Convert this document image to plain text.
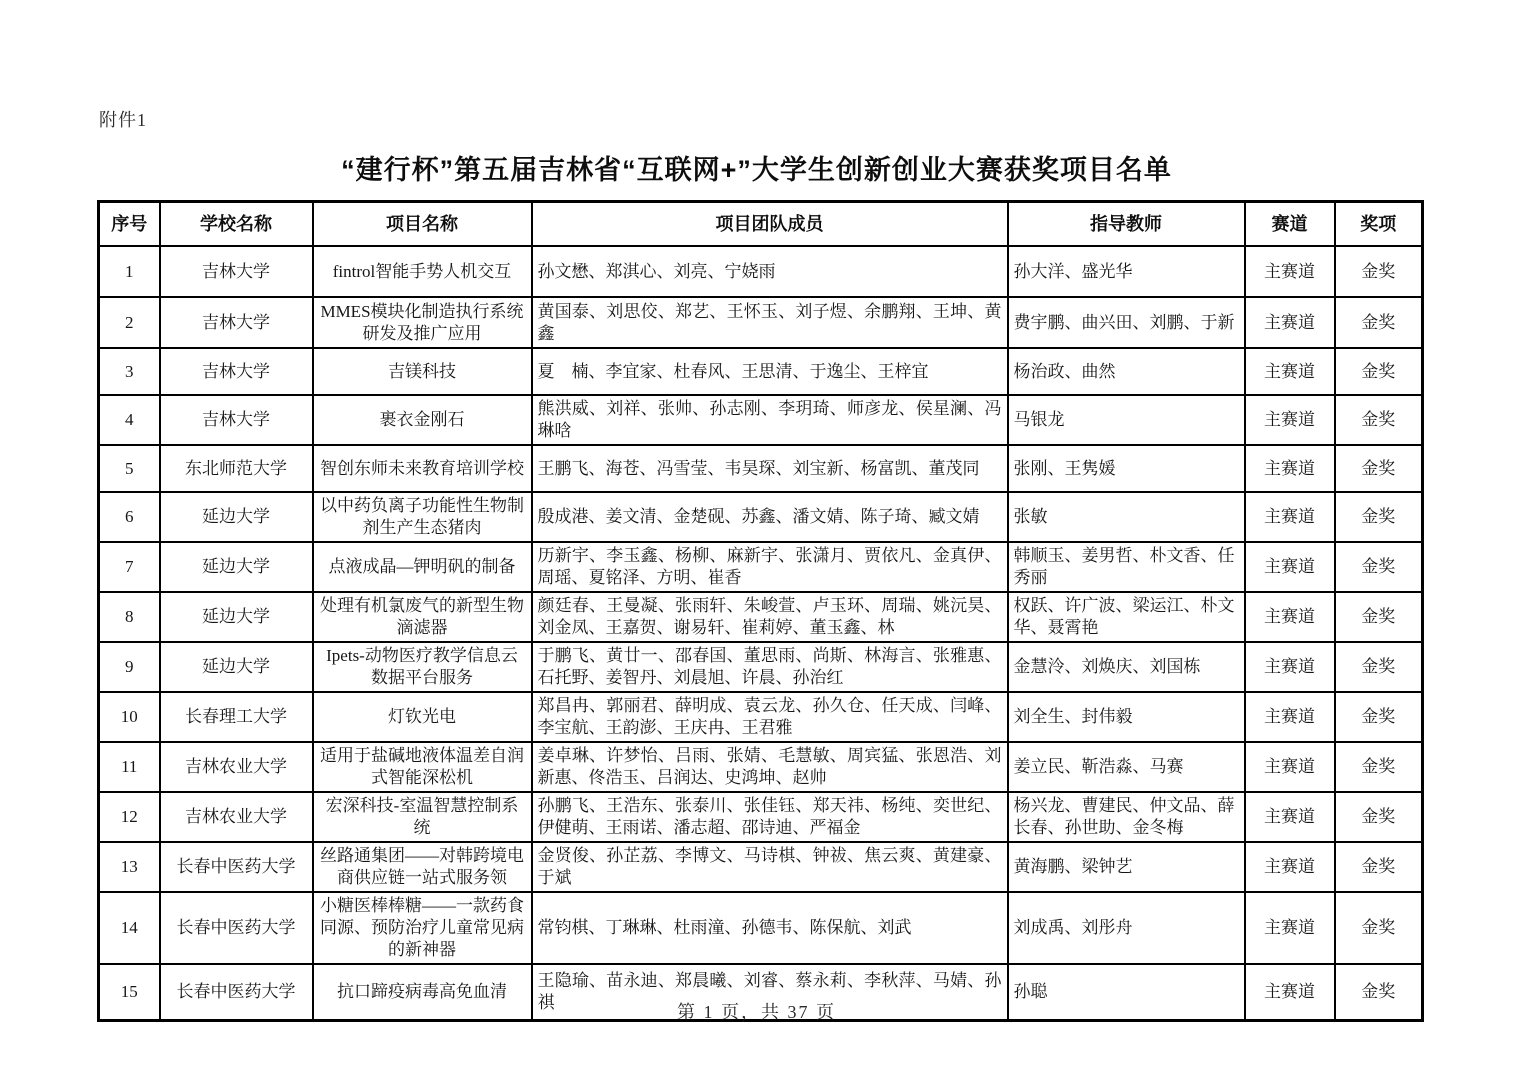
附件1
“建行杯”第五届吉林省“互联网+”大学生创新创业大赛获奖项目名单
序号	学校名称	项目名称	项目团队成员	指导教师	赛道	奖项
1	吉林大学	fintrol智能手势人机交互	孙文懋、郑淇心、刘亮、宁娆雨	孙大洋、盛光华	主赛道	金奖
2	吉林大学	MMES模块化制造执行系统研发及推广应用	黄国泰、刘思佼、郑艺、王怀玉、刘子煜、余鹏翔、王坤、黄鑫	费宇鹏、曲兴田、刘鹏、于新	主赛道	金奖
3	吉林大学	吉镁科技	夏　楠、李宜家、杜春风、王思清、于逸尘、王梓宜	杨治政、曲然	主赛道	金奖
4	吉林大学	裹衣金刚石	熊洪威、刘祥、张帅、孙志刚、李玥琦、师彦龙、侯星澜、冯琳唅	马银龙	主赛道	金奖
5	东北师范大学	智创东师未来教育培训学校	王鹏飞、海苍、冯雪莹、韦昊琛、刘宝新、杨富凯、董茂同	张刚、王隽媛	主赛道	金奖
6	延边大学	以中药负离子功能性生物制剂生产生态猪肉	殷成港、姜文清、金楚砚、苏鑫、潘文婧、陈子琦、臧文婧	张敏	主赛道	金奖
7	延边大学	点液成晶—钾明矾的制备	历新宇、李玉鑫、杨柳、麻新宇、张潇月、贾依凡、金真伊、周瑶、夏铭泽、方明、崔香	韩顺玉、姜男哲、朴文香、任秀丽	主赛道	金奖
8	延边大学	处理有机氯废气的新型生物滴滤器	颜廷春、王曼凝、张雨轩、朱峻萱、卢玉环、周瑞、姚沅昊、刘金凤、王嘉贺、谢易轩、崔莉婷、董玉鑫、林	权跃、许广波、梁运江、朴文华、聂霄艳	主赛道	金奖
9	延边大学	Ipets-动物医疗教学信息云数据平台服务	于鹏飞、黄廿一、邵春国、董思雨、尚斯、林海言、张雅惠、石托野、姜智丹、刘晨旭、许晨、孙治红	金慧泠、刘焕庆、刘国栋	主赛道	金奖
10	长春理工大学	灯钦光电	郑昌冉、郭丽君、薛明成、袁云龙、孙久仓、任天成、闫峰、李宝航、王韵澎、王庆冉、王君雅	刘全生、封伟毅	主赛道	金奖
11	吉林农业大学	适用于盐碱地液体温差自润式智能深松机	姜卓琳、许梦怡、吕雨、张婧、毛慧敏、周宾猛、张恩浩、刘新惠、佟浩玉、吕润达、史鸿坤、赵帅	姜立民、靳浩淼、马赛	主赛道	金奖
12	吉林农业大学	宏深科技-室温智慧控制系统	孙鹏飞、王浩东、张泰川、张佳钰、郑天祎、杨纯、奕世纪、伊健萌、王雨诺、潘志超、邵诗迪、严福金	杨兴龙、曹建民、仲文品、薛长春、孙世助、金冬梅	主赛道	金奖
13	长春中医药大学	丝路通集团——对韩跨境电商供应链一站式服务领	金贤俊、孙芷荔、李博文、马诗棋、钟祓、焦云爽、黄建豪、于斌	黄海鹏、梁钟艺	主赛道	金奖
14	长春中医药大学	小糖医棒棒糖——一款药食同源、预防治疗儿童常见病的新神器	常钧棋、丁琳琳、杜雨潼、孙德韦、陈保航、刘武	刘成禹、刘彤舟	主赛道	金奖
15	长春中医药大学	抗口蹄疫病毒高免血清	王隐瑜、苗永迪、郑晨曦、刘睿、蔡永莉、李秋萍、马婧、孙祺	孙聪	主赛道	金奖
第 1 页，共 37 页
